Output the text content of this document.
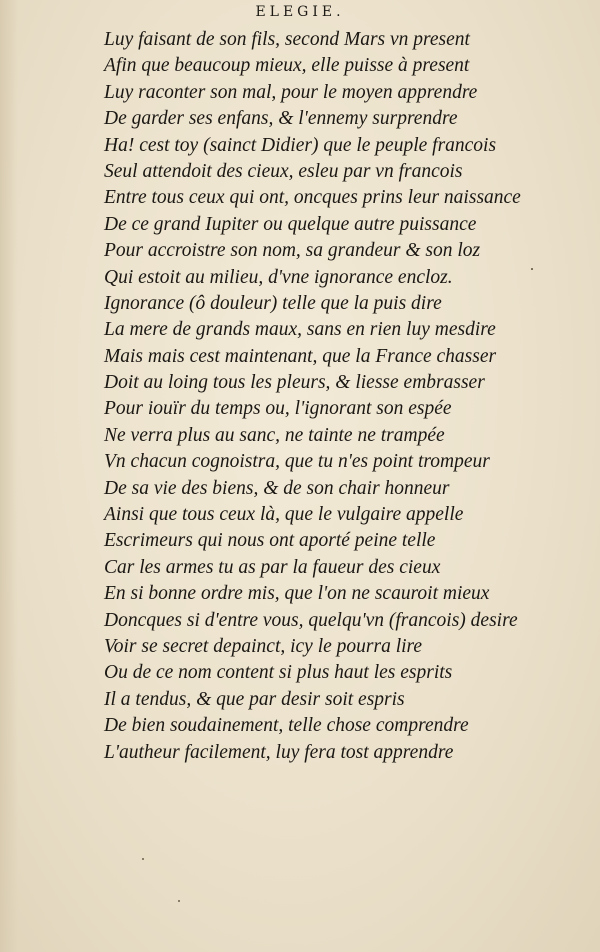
ELEGIE.
Luy faisant de son fils, second Mars vn present
Afin que beaucoup mieux, elle puisse à present
Luy raconter son mal, pour le moyen apprendre
De garder ses enfans, & l'ennemy surprendre
Ha! cest toy (sainct Didier) que le peuple francois
Seul attendoit des cieux, esleu par vn francois
Entre tous ceux qui ont, oncques prins leur naissance
De ce grand Iupiter ou quelque autre puissance
Pour accroistre son nom, sa grandeur & son loz
Qui estoit au milieu, d'vne ignorance encloz.
Ignorance (ô douleur) telle que la puis dire
La mere de grands maux, sans en rien luy mesdire
Mais mais cest maintenant, que la France chasser
Doit au loing tous les pleurs, & liesse embrasser
Pour iouïr du temps ou, l'ignorant son espée
Ne verra plus au sanc, ne tainte ne trampée
Vn chacun cognoistra, que tu n'es point trompeur
De sa vie des biens, & de son chair honneur
Ainsi que tous ceux là, que le vulgaire appelle
Escrimeurs qui nous ont aporté peine telle
Car les armes tu as par la faueur des cieux
En si bonne ordre mis, que l'on ne scauroit mieux
Doncques si d'entre vous, quelqu'vn (francois) desire
Voir se secret depainct, icy le pourra lire
Ou de ce nom content si plus haut les esprits
Il a tendus, & que par desir soit espris
De bien soudainement, telle chose comprendre
L'autheur facilement, luy fera tost apprendre
